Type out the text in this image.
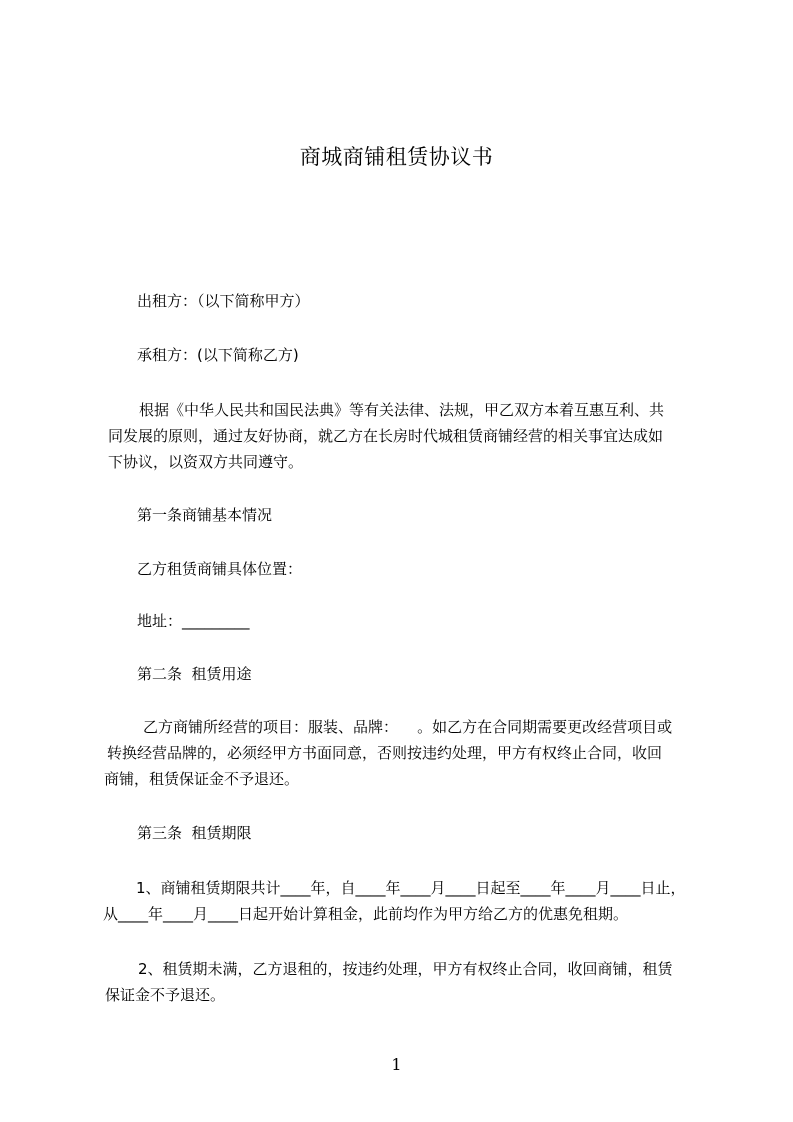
商城商铺租赁协议书
出租方：（以下简称甲方）
承租方：(以下简称乙方)

根据《中华人民共和国民法典》等有关法律、法规，甲乙双方本着互惠互利、共

同发展的原则，通过友好协商，就乙方在长房时代城租赁商铺经营的相关事宜达成如

下协议，以资双方共同遵守。

第一条商铺基本情况
乙方租赁商铺具体位置：
地址：_________
第二条  租赁用途

乙方商铺所经营的项目：服装、品牌：    。如乙方在合同期需要更改经营项目或

转换经营品牌的，必须经甲方书面同意，否则按违约处理，甲方有权终止合同，收回

商铺，租赁保证金不予退还。

第三条  租赁期限

1、商铺租赁期限共计____年，自____年____月____日起至____年____月____日止，

从____年____月____日起开始计算租金，此前均作为甲方给乙方的优惠免租期。

2、租赁期未满，乙方退租的，按违约处理，甲方有权终止合同，收回商铺，租赁

保证金不予退还。

1
